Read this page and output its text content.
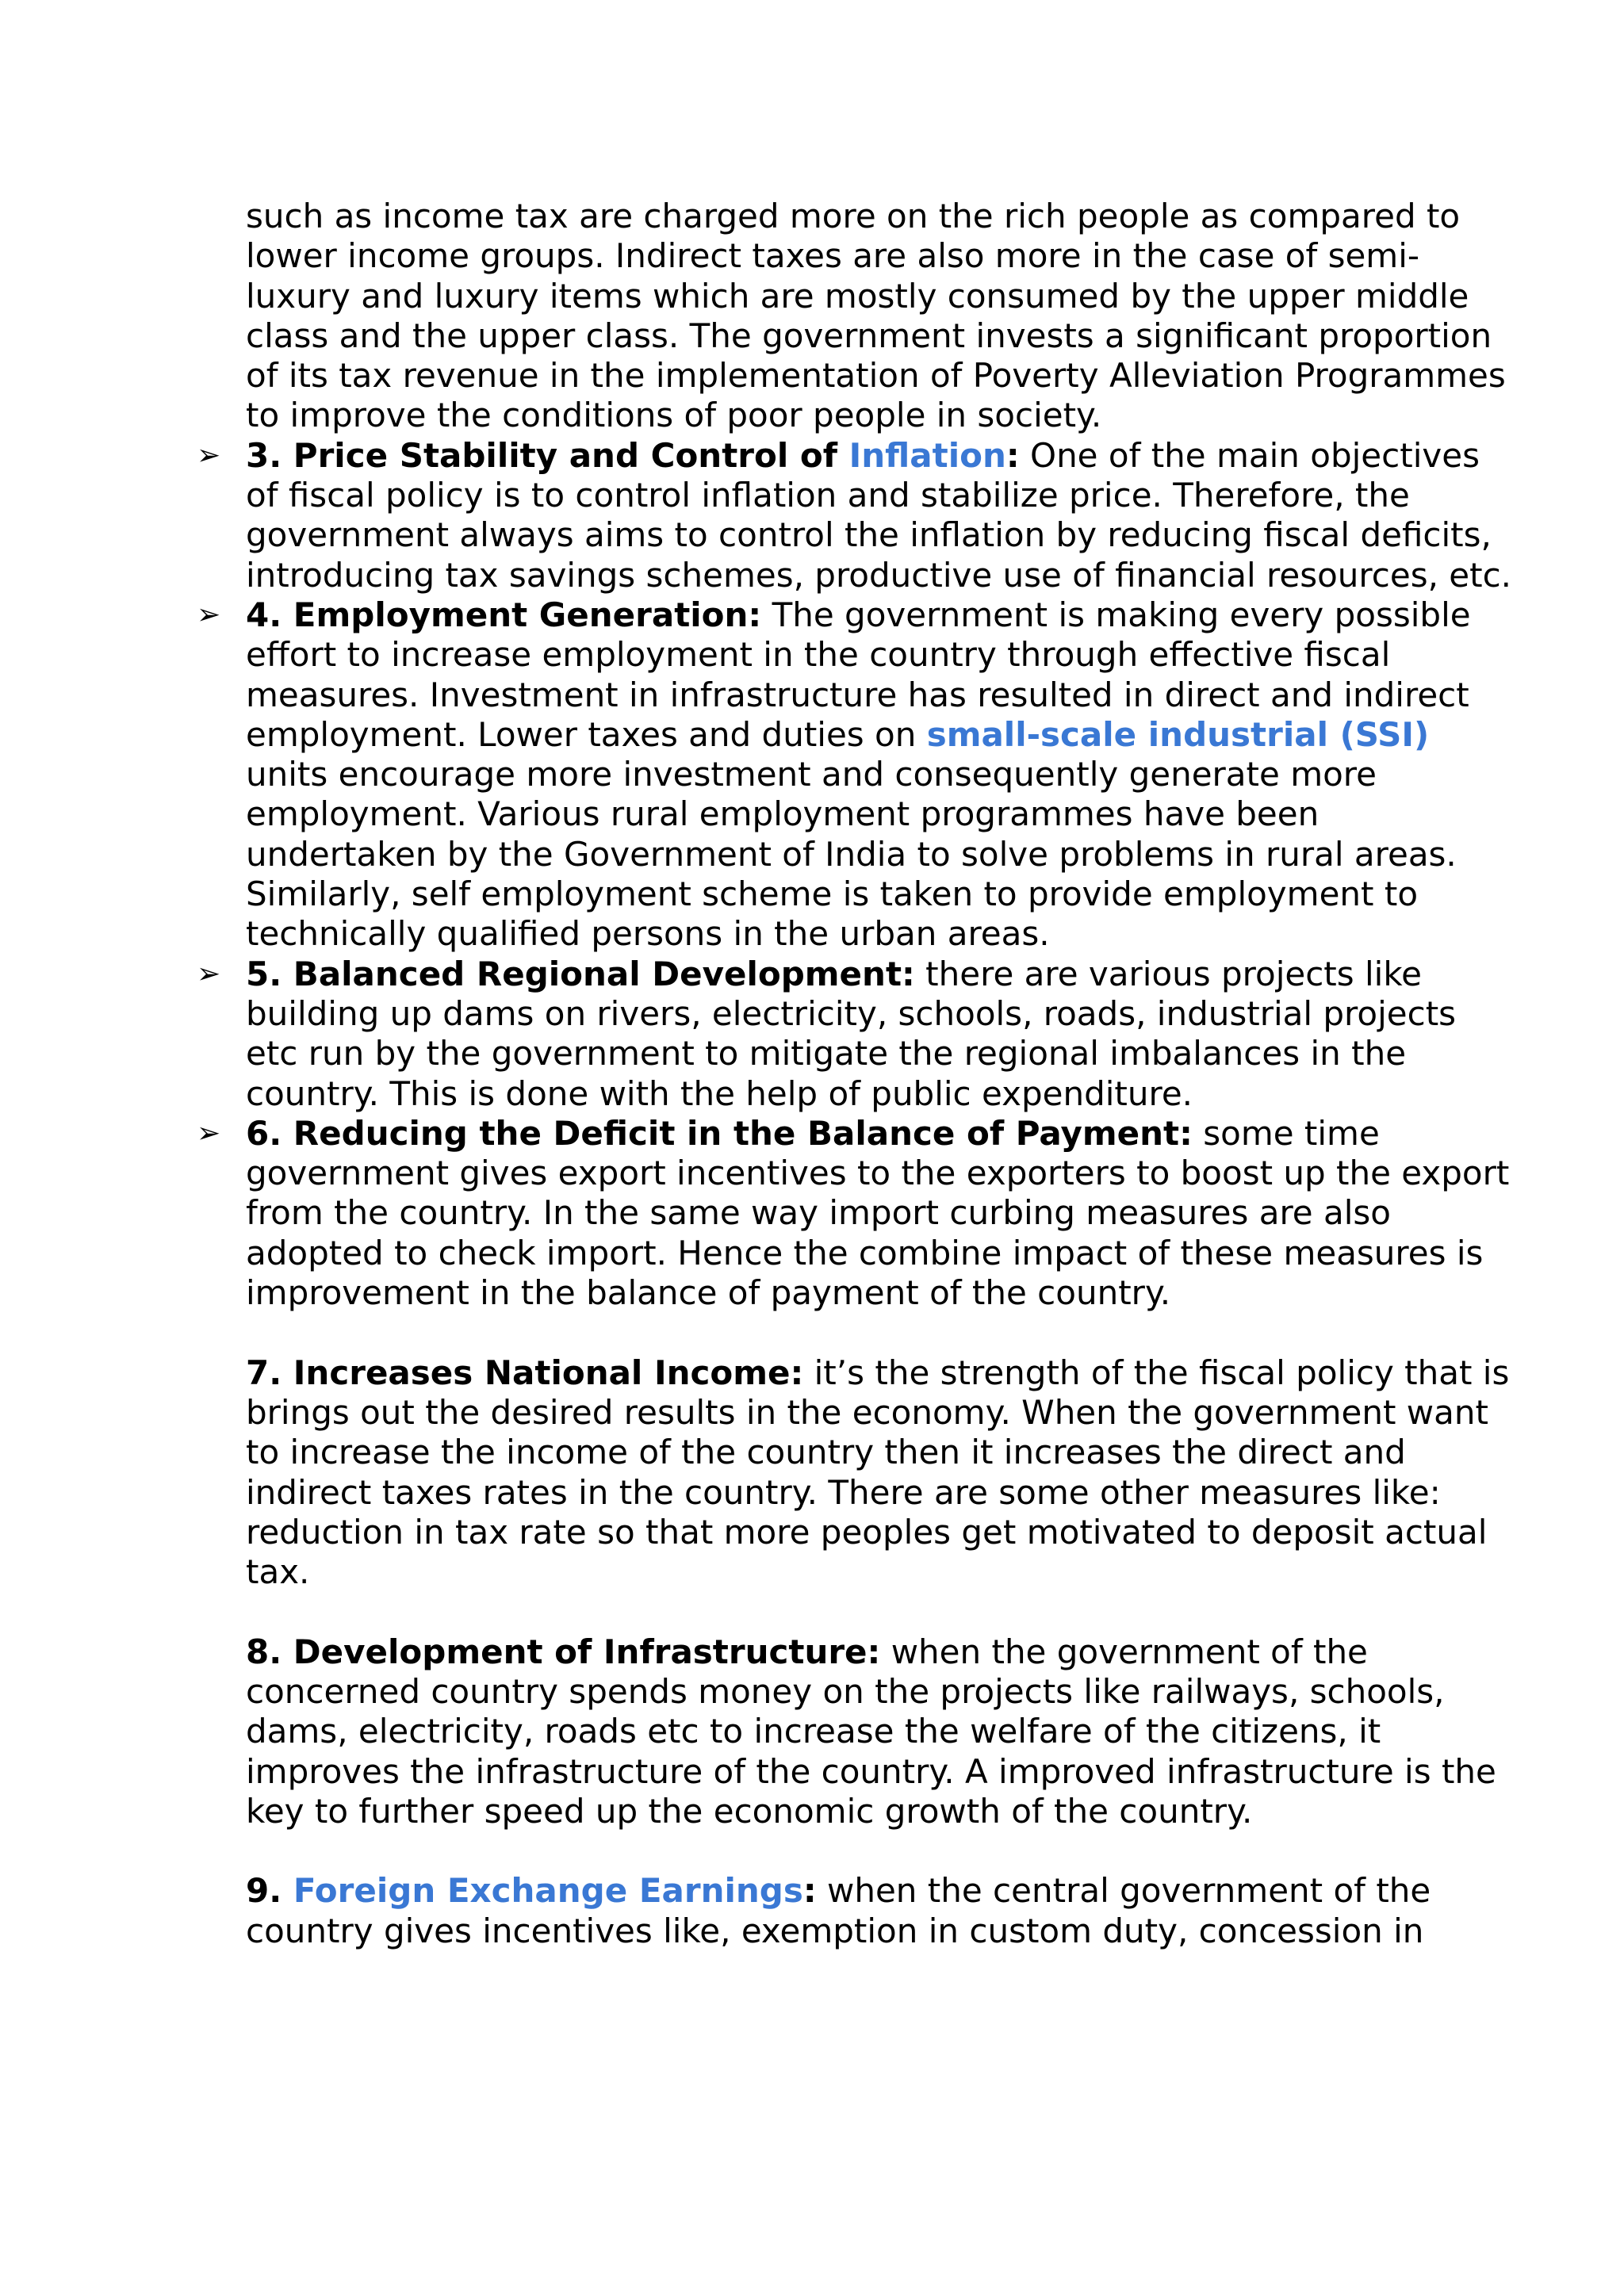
such as income tax are charged more on the rich people as compared to lower income groups. Indirect taxes are also more in the case of semi-luxury and luxury items which are mostly consumed by the upper middle class and the upper class. The government invests a significant proportion of its tax revenue in the implementation of Poverty Alleviation Programmes to improve the conditions of poor people in society.

➢ 3. Price Stability and Control of Inflation: One of the main objectives of fiscal policy is to control inflation and stabilize price. Therefore, the government always aims to control the inflation by reducing fiscal deficits, introducing tax savings schemes, productive use of financial resources, etc.

➢ 4. Employment Generation: The government is making every possible effort to increase employment in the country through effective fiscal measures. Investment in infrastructure has resulted in direct and indirect employment. Lower taxes and duties on small-scale industrial (SSI) units encourage more investment and consequently generate more employment. Various rural employment programmes have been undertaken by the Government of India to solve problems in rural areas. Similarly, self employment scheme is taken to provide employment to technically qualified persons in the urban areas.

➢ 5. Balanced Regional Development: there are various projects like building up dams on rivers, electricity, schools, roads, industrial projects etc run by the government to mitigate the regional imbalances in the country. This is done with the help of public expenditure.

➢ 6. Reducing the Deficit in the Balance of Payment: some time government gives export incentives to the exporters to boost up the export from the country. In the same way import curbing measures are also adopted to check import. Hence the combine impact of these measures is improvement in the balance of payment of the country.

7. Increases National Income: it’s the strength of the fiscal policy that is brings out the desired results in the economy. When the government want to increase the income of the country then it increases the direct and indirect taxes rates in the country. There are some other measures like: reduction in tax rate so that more peoples get motivated to deposit actual tax.

8. Development of Infrastructure: when the government of the concerned country spends money on the projects like railways, schools, dams, electricity, roads etc to increase the welfare of the citizens, it improves the infrastructure of the country. A improved infrastructure is the key to further speed up the economic growth of the country.

9. Foreign Exchange Earnings: when the central government of the country gives incentives like, exemption in custom duty, concession in
